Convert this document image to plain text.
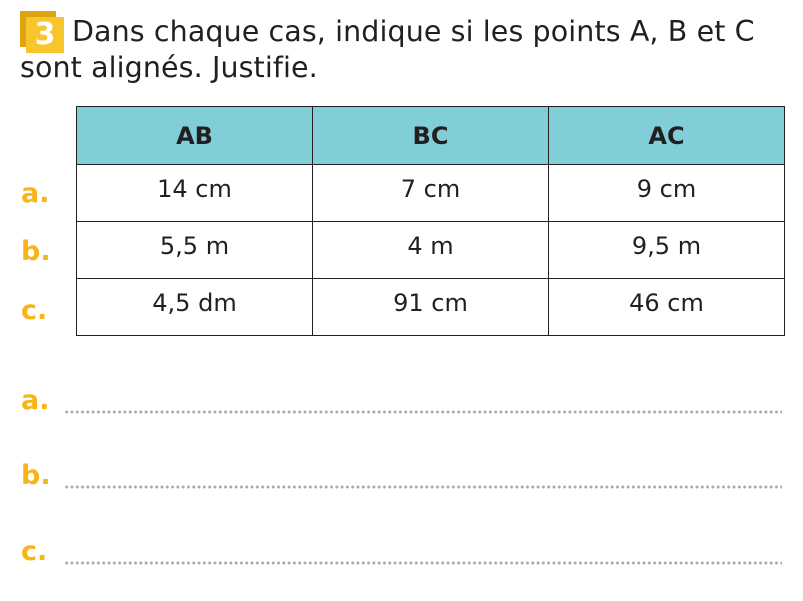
3 Dans chaque cas, indique si les points A, B et C sont alignés. Justifie.

AB	BC	AC
14 cm	7 cm	9 cm
5,5 m	4 m	9,5 m
4,5 dm	91 cm	46 cm
a.
b.
c.
a.
b.
c.
